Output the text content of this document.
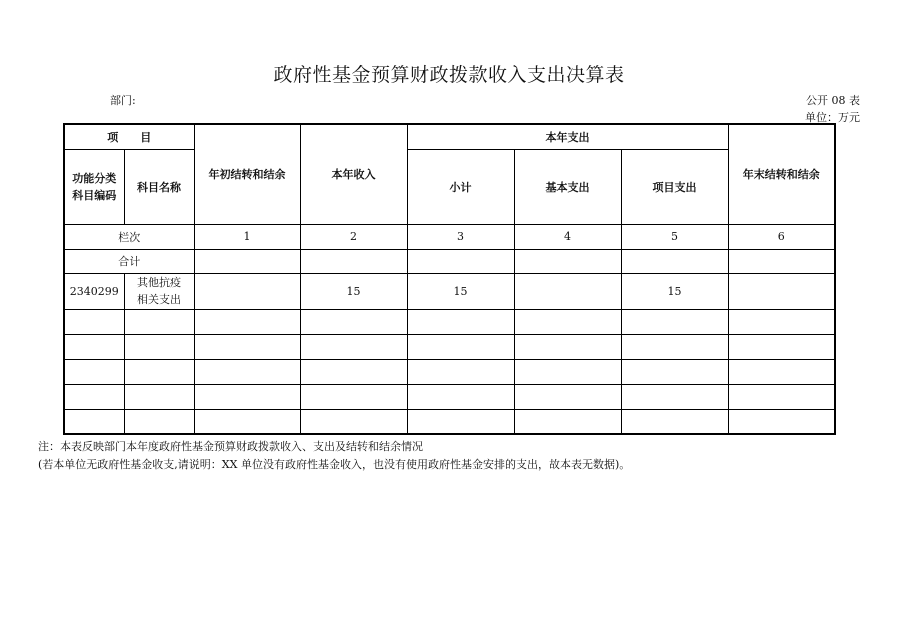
政府性基金预算财政拨款收入支出决算表
部门:	公开 08 表
单位：万元
项　　目		年初结转和结余	本年收入	本年支出			年末结转和结余
功能分类
科目编码	科目名称			小计	基本支出	项目支出	
栏次		1	2	3	4	5	6
合计							
2340299	其他抗疫
相关支出		15	15		15	

注：本表反映部门本年度政府性基金预算财政拨款收入、支出及结转和结余情况
(若本单位无政府性基金收支,请说明：XX 单位没有政府性基金收入，也没有使用政府性基金安排的支出，故本表无数据)。
